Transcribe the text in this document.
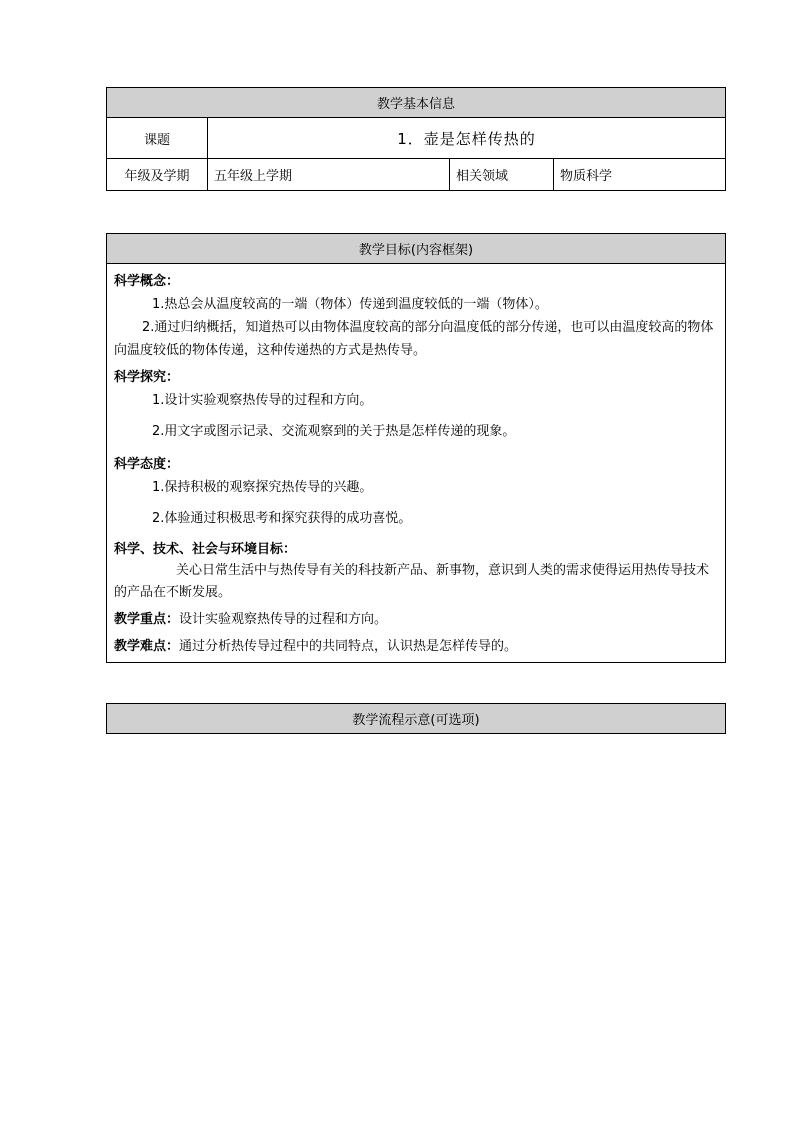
教学基本信息			
课题	1．壶是怎样传热的		
年级及学期	五年级上学期	相关领域	物质科学
教学目标(内容框架)

科学概念：
1.热总会从温度较高的一端（物体）传递到温度较低的一端（物体）。
2.通过归纳概括，知道热可以由物体温度较高的部分向温度低的部分传递，也可以由温度较高的物体向温度较低的物体传递，这种传递热的方式是热传导。
科学探究：
1.设计实验观察热传导的过程和方向。
2.用文字或图示记录、交流观察到的关于热是怎样传递的现象。
科学态度：
1.保持积极的观察探究热传导的兴趣。
2.体验通过积极思考和探究获得的成功喜悦。
科学、技术、社会与环境目标：
关心日常生活中与热传导有关的科技新产品、新事物，意识到人类的需求使得运用热传导技术的产品在不断发展。
教学重点：设计实验观察热传导的过程和方向。
教学难点：通过分析热传导过程中的共同特点，认识热是怎样传导的。
教学流程示意(可选项)
